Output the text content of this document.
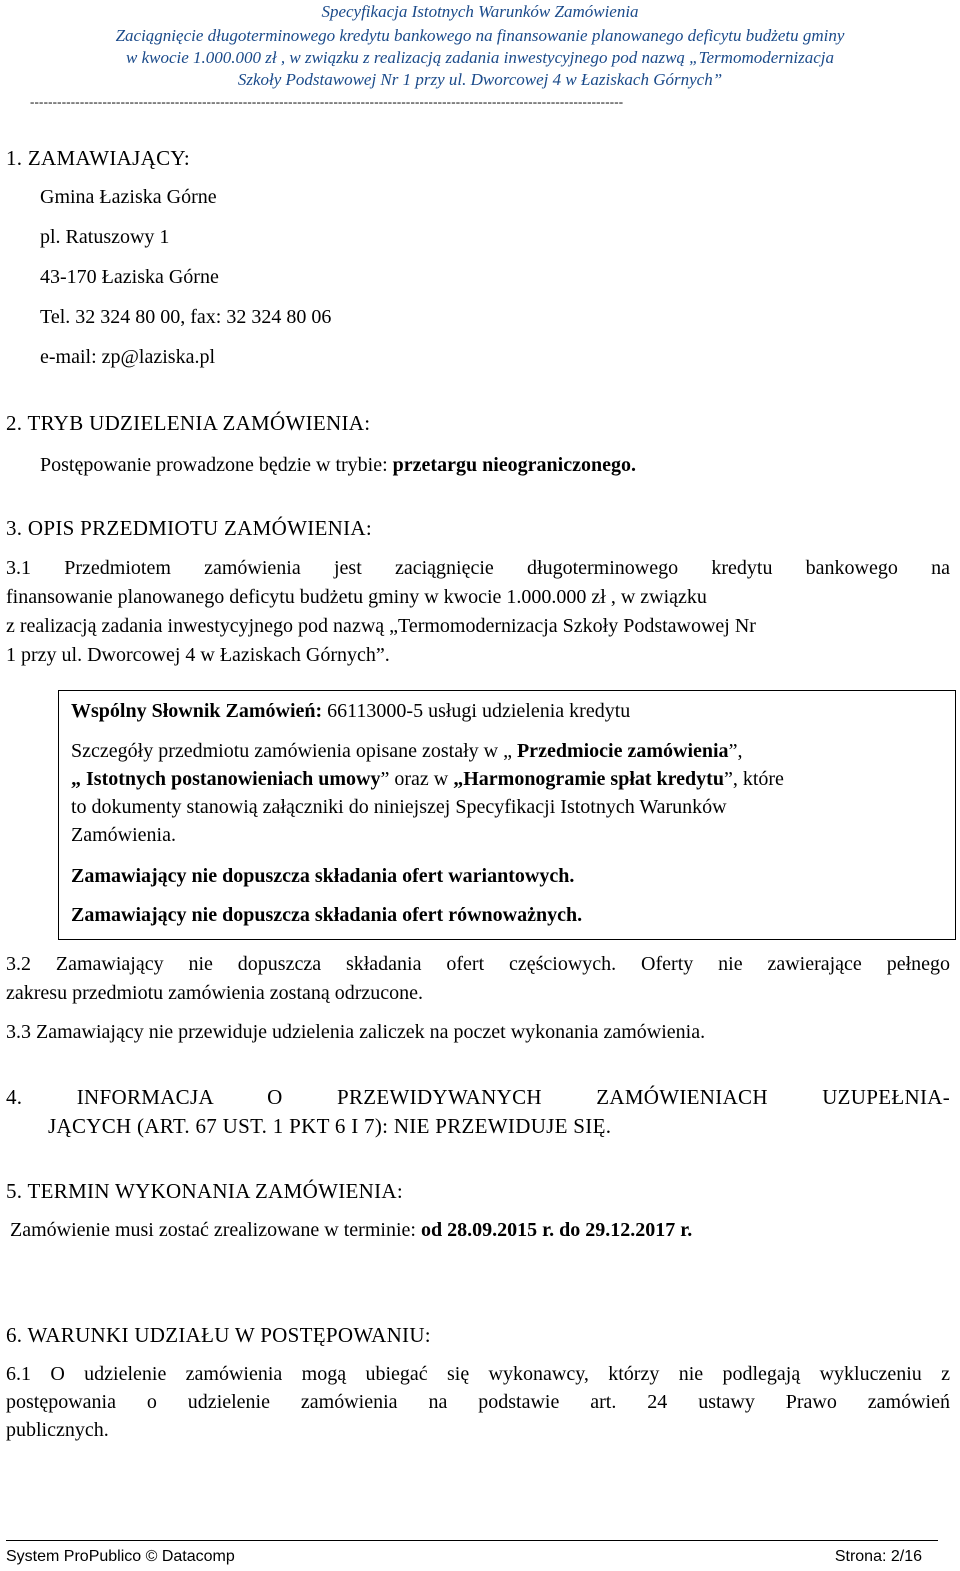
Specyfikacja Istotnych Warunków Zamówienia
Zaciągnięcie długoterminowego kredytu bankowego na finansowanie planowanego deficytu budżetu gminy
w kwocie 1.000.000 zł , w związku z realizacją zadania inwestycyjnego pod nazwą „Termomodernizacja
Szkoły Podstawowej Nr 1 przy ul. Dworcowej 4 w Łaziskach Górnych”
-----------------------------------------------------------------------------------------------------------------------------------
1. ZAMAWIAJĄCY:
Gmina Łaziska Górne
pl. Ratuszowy 1
43-170 Łaziska Górne
Tel. 32 324 80 00, fax: 32 324 80 06
e-mail: zp@laziska.pl
2. TRYB UDZIELENIA ZAMÓWIENIA:
Postępowanie prowadzone będzie w trybie: przetargu nieograniczonego.
3. OPIS PRZEDMIOTU ZAMÓWIENIA:
3.1 Przedmiotem zamówienia jest zaciągnięcie długoterminowego kredytu bankowego na
finansowanie planowanego deficytu budżetu gminy w kwocie 1.000.000 zł , w związku
z realizacją zadania inwestycyjnego pod nazwą „Termomodernizacja Szkoły Podstawowej Nr
1 przy ul. Dworcowej 4 w Łaziskach Górnych”.
Wspólny Słownik Zamówień: 66113000-5 usługi udzielenia kredytu
Szczegóły przedmiotu zamówienia opisane zostały w „ Przedmiocie zamówienia”,
„ Istotnych postanowieniach umowy” oraz w „Harmonogramie spłat kredytu”, które
to dokumenty stanowią załączniki do niniejszej Specyfikacji Istotnych Warunków
Zamówienia.
Zamawiający nie dopuszcza składania ofert wariantowych.
Zamawiający nie dopuszcza składania ofert równoważnych.
3.2 Zamawiający nie dopuszcza składania ofert częściowych. Oferty nie zawierające pełnego
zakresu przedmiotu zamówienia zostaną odrzucone.
3.3 Zamawiający nie przewiduje udzielenia zaliczek na poczet wykonania zamówienia.
4. INFORMACJA O PRZEWIDYWANYCH ZAMÓWIENIACH UZUPEŁNIA-
JĄCYCH (ART. 67 UST. 1 PKT 6 I 7): NIE PRZEWIDUJE SIĘ.
5. TERMIN WYKONANIA ZAMÓWIENIA:
Zamówienie musi zostać zrealizowane w terminie: od 28.09.2015 r. do 29.12.2017 r.
6. WARUNKI UDZIAŁU W POSTĘPOWANIU:
6.1 O udzielenie zamówienia mogą ubiegać się wykonawcy, którzy nie podlegają wykluczeniu z
postępowania o udzielenie zamówienia na podstawie art. 24 ustawy Prawo zamówień
publicznych.
System ProPublico © Datacomp	Strona: 2/16
